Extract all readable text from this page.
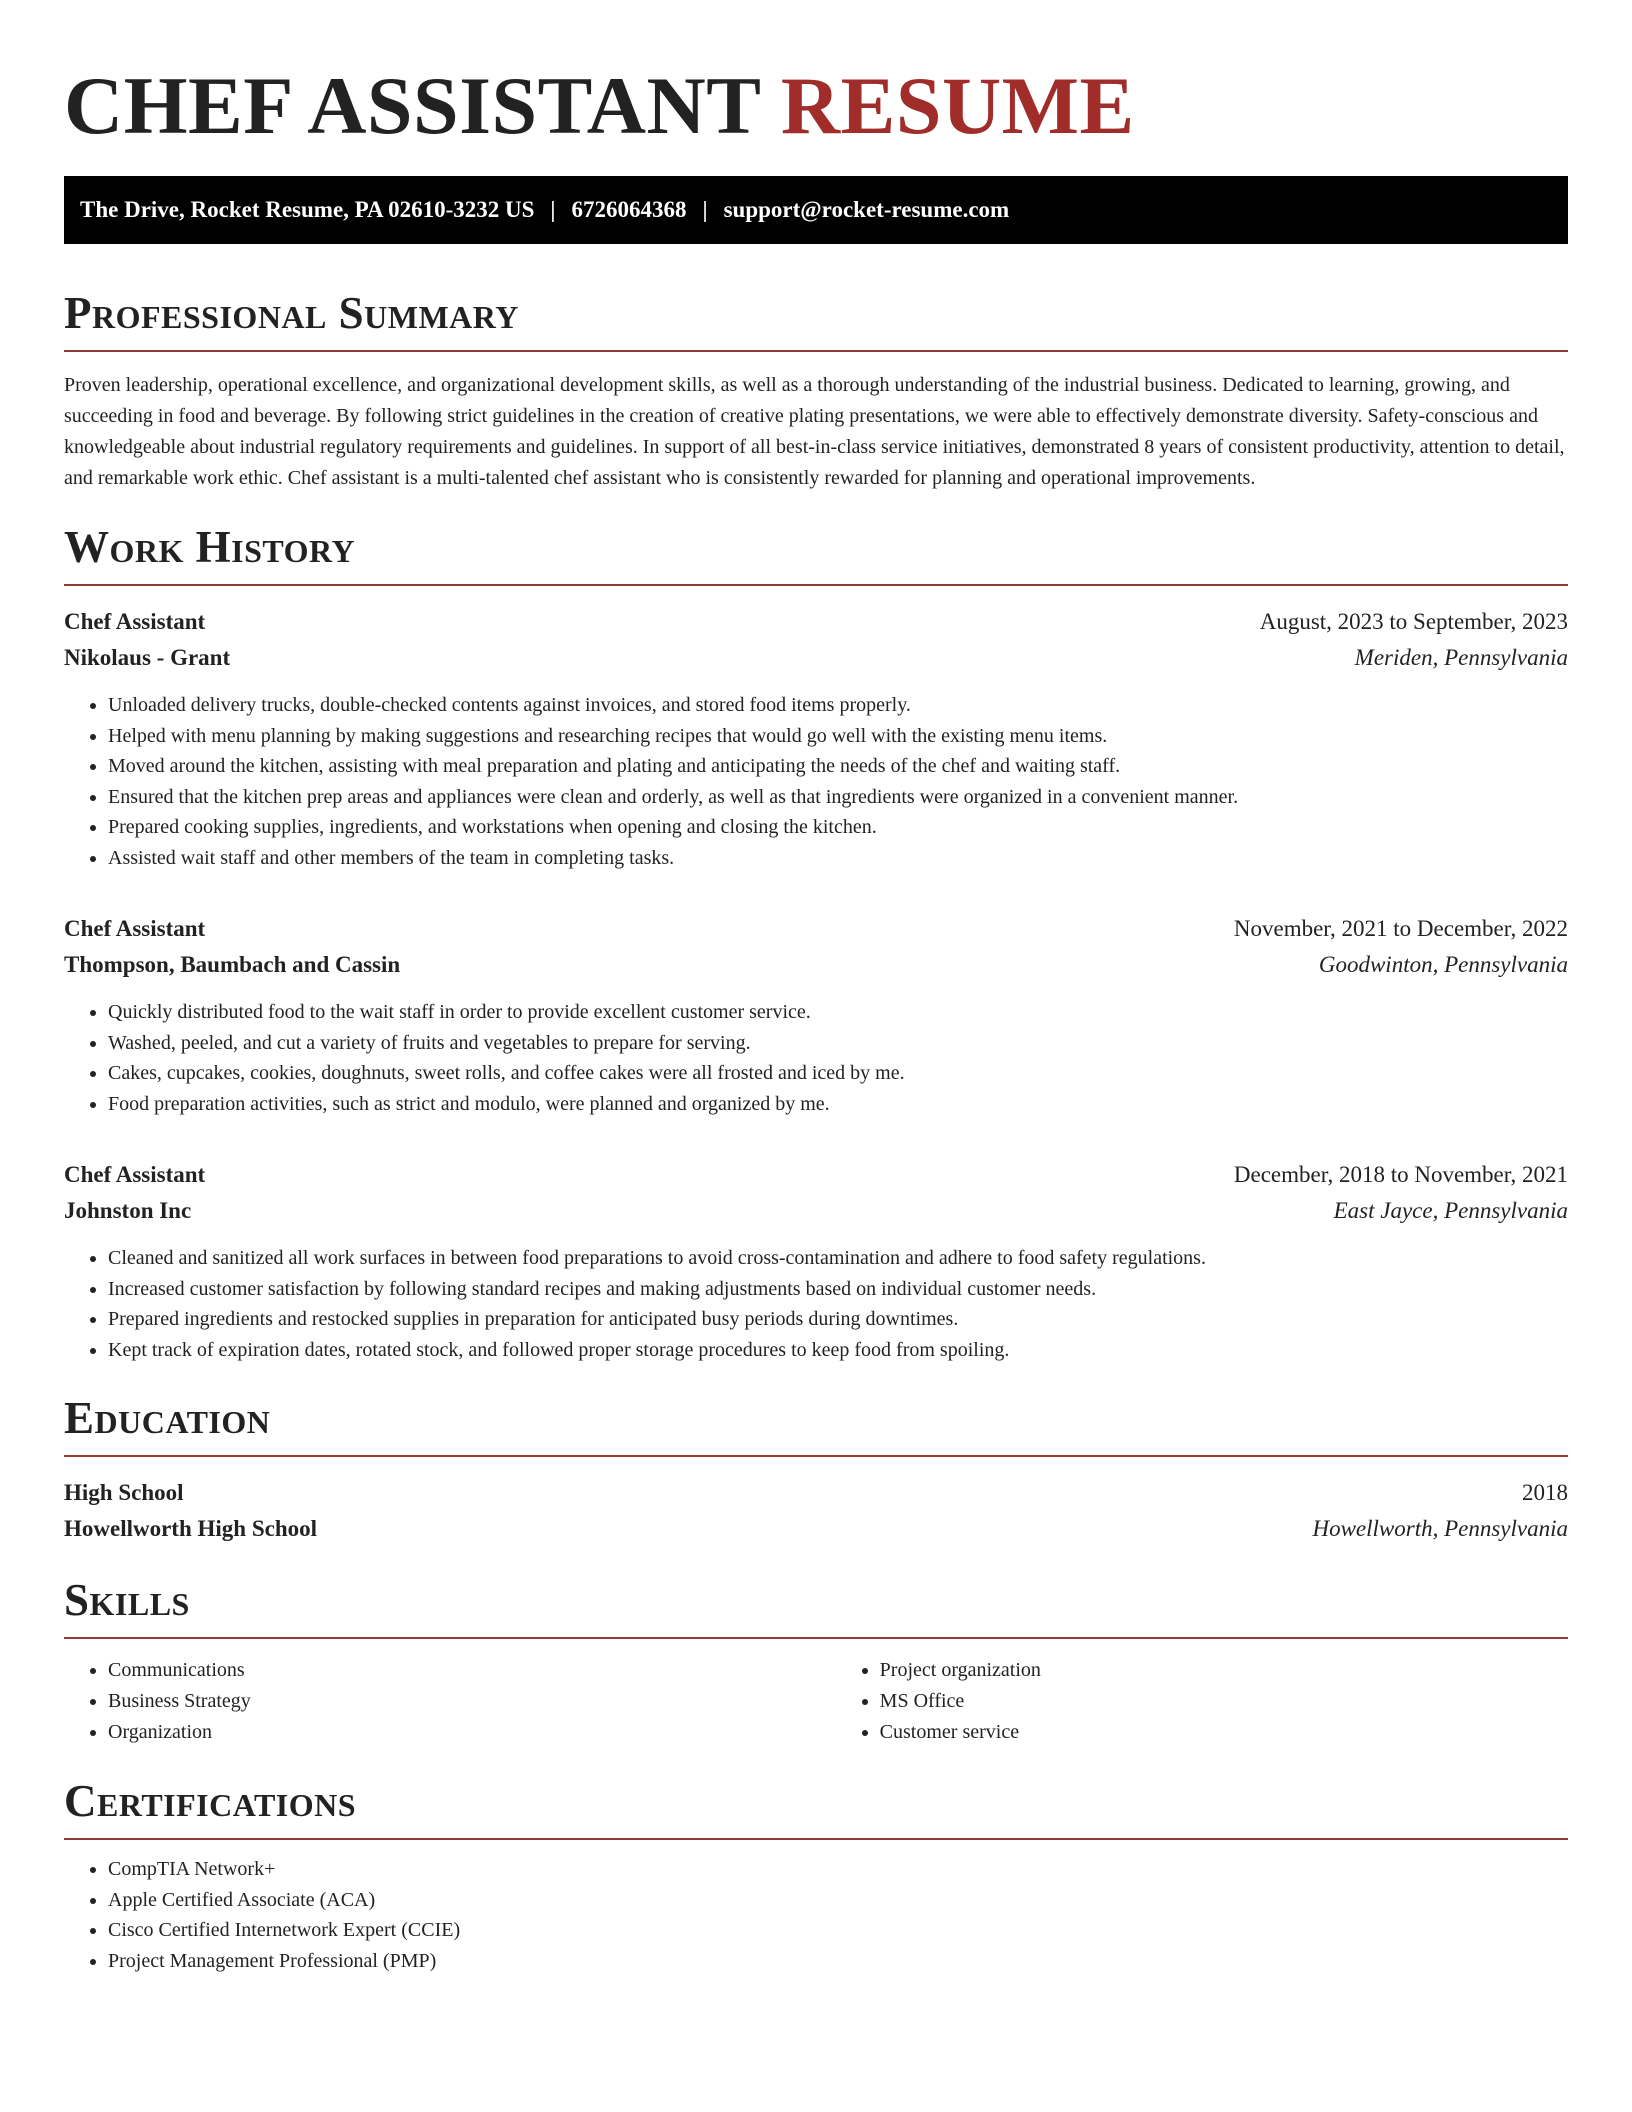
CHEF ASSISTANT RESUME
The Drive, Rocket Resume, PA 02610-3232 US | 6726064368 | support@rocket-resume.com
Professional Summary

Proven leadership, operational excellence, and organizational development skills, as well as a thorough understanding of the industrial business. Dedicated to learning, growing, and succeeding in food and beverage. By following strict guidelines in the creation of creative plating presentations, we were able to effectively demonstrate diversity. Safety-conscious and knowledgeable about industrial regulatory requirements and guidelines. In support of all best-in-class service initiatives, demonstrated 8 years of consistent productivity, attention to detail, and remarkable work ethic. Chef assistant is a multi-talented chef assistant who is consistently rewarded for planning and operational improvements.

Work History
Chef Assistant	August, 2023 to September, 2023
Nikolaus - Grant	Meriden, Pennsylvania
• Unloaded delivery trucks, double-checked contents against invoices, and stored food items properly.
• Helped with menu planning by making suggestions and researching recipes that would go well with the existing menu items.
• Moved around the kitchen, assisting with meal preparation and plating and anticipating the needs of the chef and waiting staff.
• Ensured that the kitchen prep areas and appliances were clean and orderly, as well as that ingredients were organized in a convenient manner.
• Prepared cooking supplies, ingredients, and workstations when opening and closing the kitchen.
• Assisted wait staff and other members of the team in completing tasks.
Chef Assistant	November, 2021 to December, 2022
Thompson, Baumbach and Cassin	Goodwinton, Pennsylvania
• Quickly distributed food to the wait staff in order to provide excellent customer service.
• Washed, peeled, and cut a variety of fruits and vegetables to prepare for serving.
• Cakes, cupcakes, cookies, doughnuts, sweet rolls, and coffee cakes were all frosted and iced by me.
• Food preparation activities, such as strict and modulo, were planned and organized by me.
Chef Assistant	December, 2018 to November, 2021
Johnston Inc	East Jayce, Pennsylvania
• Cleaned and sanitized all work surfaces in between food preparations to avoid cross-contamination and adhere to food safety regulations.
• Increased customer satisfaction by following standard recipes and making adjustments based on individual customer needs.
• Prepared ingredients and restocked supplies in preparation for anticipated busy periods during downtimes.
• Kept track of expiration dates, rotated stock, and followed proper storage procedures to keep food from spoiling.
Education
High School	2018
Howellworth High School	Howellworth, Pennsylvania
Skills
• Communications
• Business Strategy
• Organization
• Project organization
• MS Office
• Customer service
Certifications
• CompTIA Network+
• Apple Certified Associate (ACA)
• Cisco Certified Internetwork Expert (CCIE)
• Project Management Professional (PMP)
